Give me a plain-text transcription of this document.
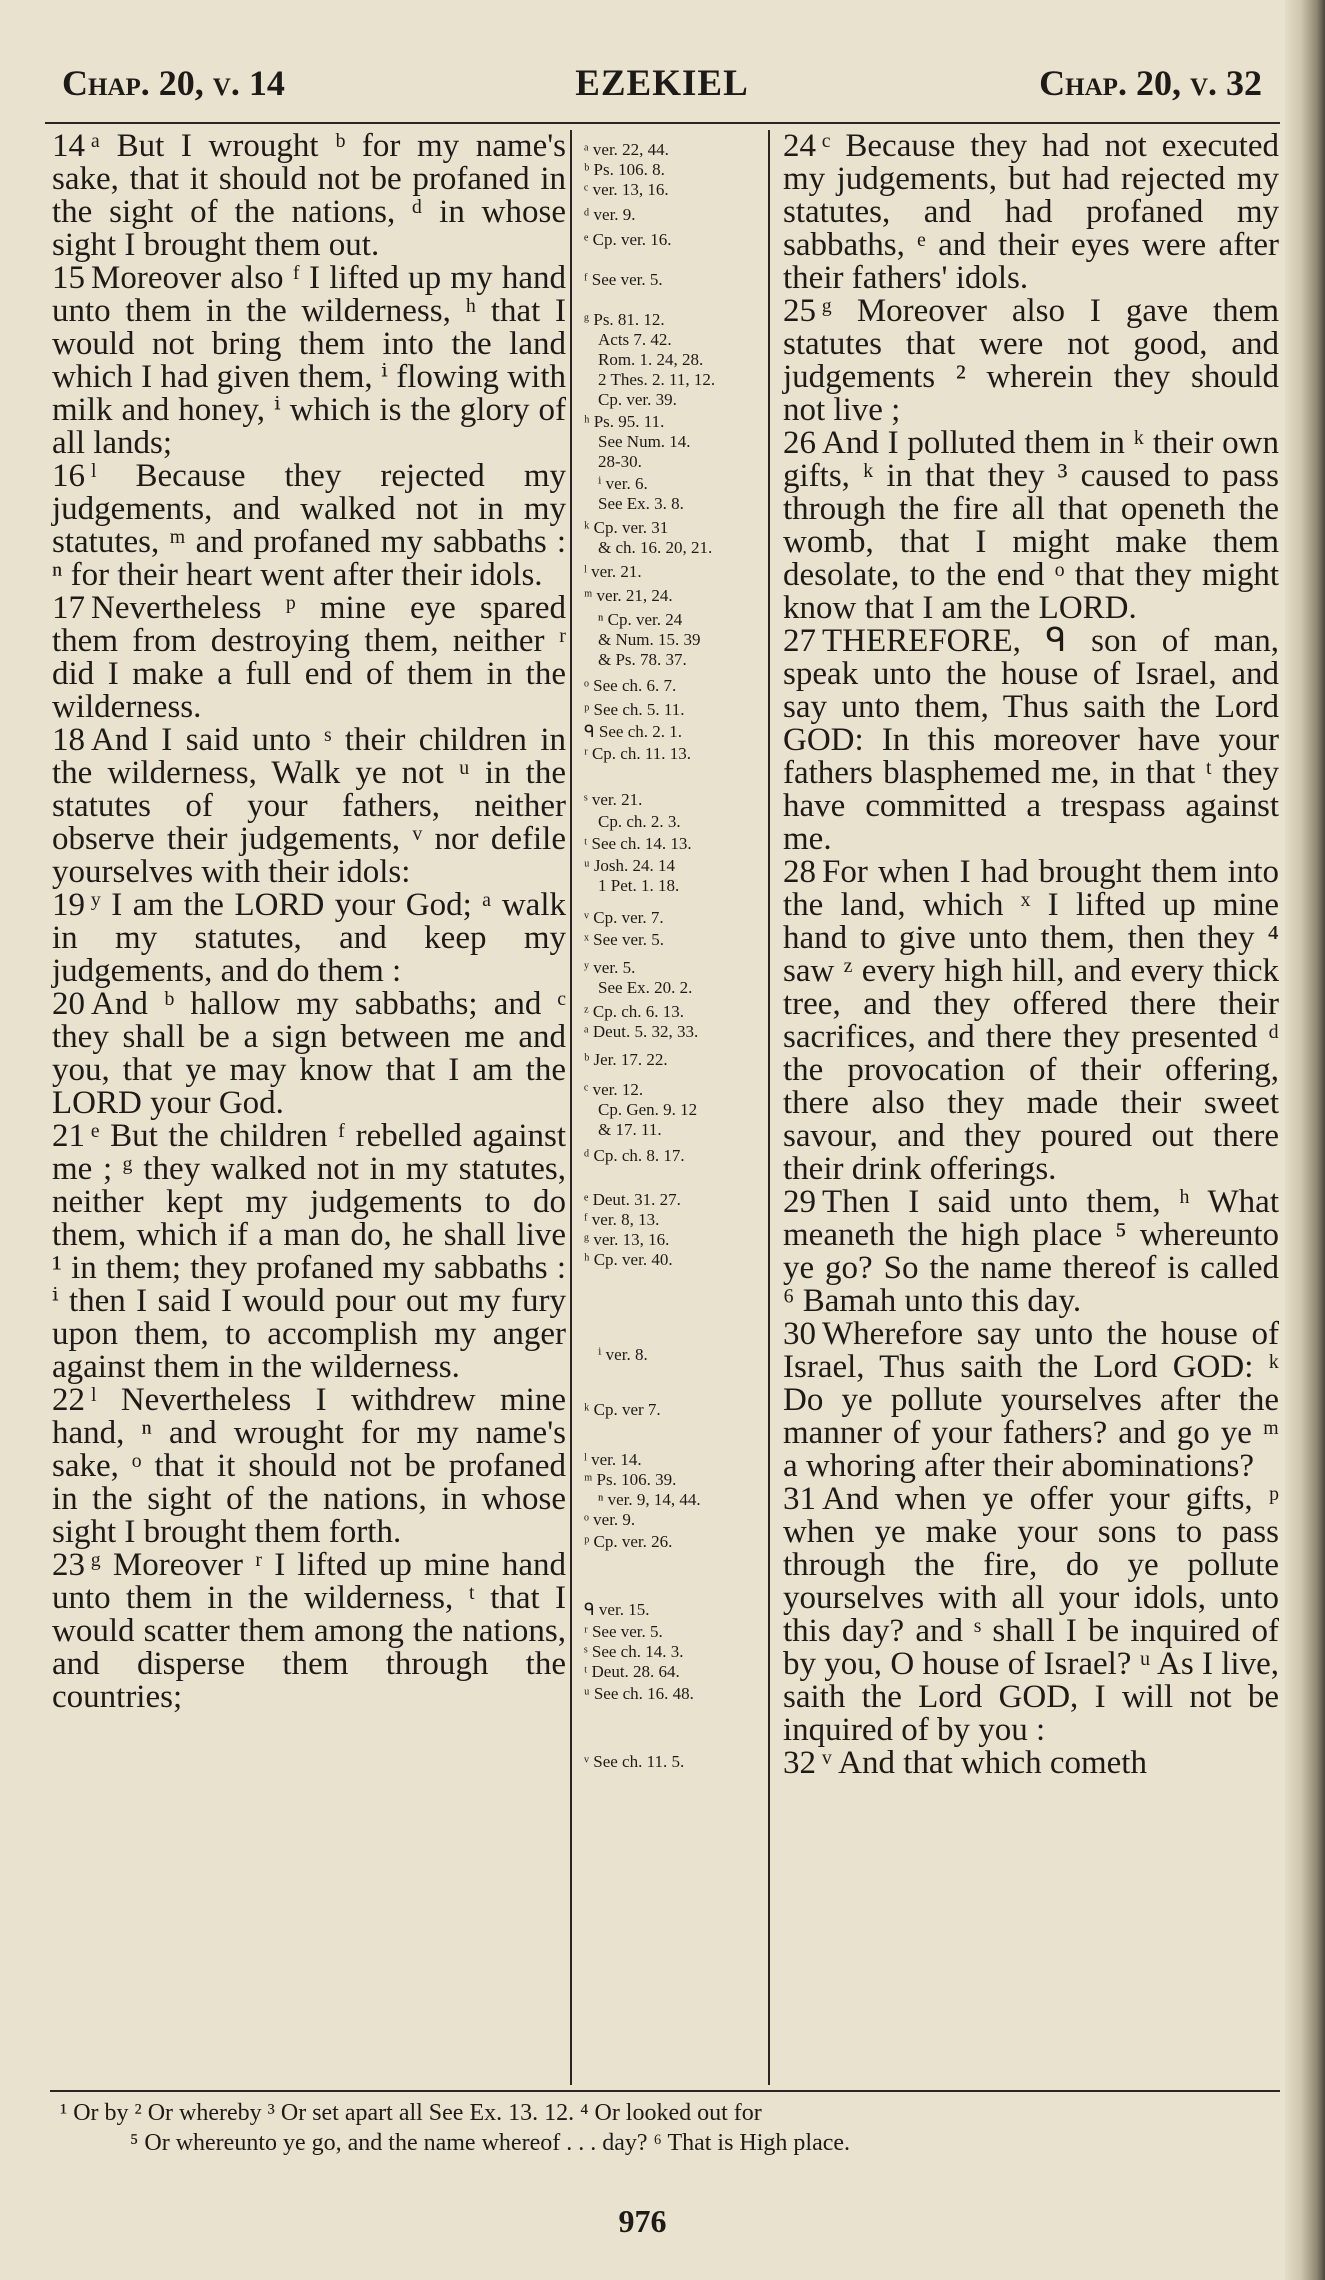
Chap. 20, v. 14	EZEKIEL	Chap. 20, v. 32

14 ᵃ But I wrought ᵇ for my name's sake, that it should not be profaned in the sight of the nations, ᵈ in whose sight I brought them out.

15 Moreover also ᶠ I lifted up my hand unto them in the wilderness, ʰ that I would not bring them into the land which I had given them, ⁱ flowing with milk and honey, ⁱ which is the glory of all lands;

16 ˡ Because they rejected my judgements, and walked not in my statutes, ᵐ and profaned my sabbaths : ⁿ for their heart went after their idols.

17 Nevertheless ᵖ mine eye spared them from destroying them, neither ʳ did I make a full end of them in the wilderness.

18 And I said unto ˢ their children in the wilderness, Walk ye not ᵘ in the statutes of your fathers, neither observe their judgements, ᵛ nor defile yourselves with their idols:

19 ʸ I am the LORD your God; ᵃ walk in my statutes, and keep my judgements, and do them :

20 And ᵇ hallow my sabbaths; and ᶜ they shall be a sign between me and you, that ye may know that I am the LORD your God.

21 ᵉ But the children ᶠ rebelled against me ; ᵍ they walked not in my statutes, neither kept my judgements to do them, which if a man do, he shall live ¹ in them; they profaned my sabbaths : ⁱ then I said I would pour out my fury upon them, to accomplish my anger against them in the wilderness.

22 ˡ Nevertheless I withdrew mine hand, ⁿ and wrought for my name's sake, ᵒ that it should not be profaned in the sight of the nations, in whose sight I brought them forth.

23 ᵍ Moreover ʳ I lifted up mine hand unto them in the wilderness, ᵗ that I would scatter them among the nations, and disperse them through the countries;

ᵃ ver. 22, 44.
ᵇ Ps. 106. 8.
ᶜ ver. 13, 16.
ᵈ ver. 9.
ᵉ Cp. ver. 16.
ᶠ See ver. 5.
ᵍ Ps. 81. 12.
Acts 7. 42.
Rom. 1. 24, 28.
2 Thes. 2. 11, 12.
Cp. ver. 39.
ʰ Ps. 95. 11.
See Num. 14.
28-30.
ⁱ ver. 6.
See Ex. 3. 8.
ᵏ Cp. ver. 31
& ch. 16. 20, 21.
ˡ ver. 21.
ᵐ ver. 21, 24.
ⁿ Cp. ver. 24
& Num. 15. 39
& Ps. 78. 37.
ᵒ See ch. 6. 7.
ᵖ See ch. 5. 11.
ᑫ See ch. 2. 1.
ʳ Cp. ch. 11. 13.
ˢ ver. 21.
Cp. ch. 2. 3.
ᵗ See ch. 14. 13.
ᵘ Josh. 24. 14
1 Pet. 1. 18.
ᵛ Cp. ver. 7.
ˣ See ver. 5.
ʸ ver. 5.
See Ex. 20. 2.
ᶻ Cp. ch. 6. 13.
ᵃ Deut. 5. 32, 33.
ᵇ Jer. 17. 22.
ᶜ ver. 12.
Cp. Gen. 9. 12
& 17. 11.
ᵈ Cp. ch. 8. 17.
ᵉ Deut. 31. 27.
ᶠ ver. 8, 13.
ᵍ ver. 13, 16.
ʰ Cp. ver. 40.
ⁱ ver. 8.
ᵏ Cp. ver 7.
ˡ ver. 14.
ᵐ Ps. 106. 39.
ⁿ ver. 9, 14, 44.
ᵒ ver. 9.
ᵖ Cp. ver. 26.
ᑫ ver. 15.
ʳ See ver. 5.
ˢ See ch. 14. 3.
ᵗ Deut. 28. 64.
ᵘ See ch. 16. 48.
ᵛ See ch. 11. 5.

24 ᶜ Because they had not executed my judgements, but had rejected my statutes, and had profaned my sabbaths, ᵉ and their eyes were after their fathers' idols.

25 ᵍ Moreover also I gave them statutes that were not good, and judgements ² wherein they should not live ;

26 And I polluted them in ᵏ their own gifts, ᵏ in that they ³ caused to pass through the fire all that openeth the womb, that I might make them desolate, to the end ᵒ that they might know that I am the LORD.

27 THEREFORE, ᑫ son of man, speak unto the house of Israel, and say unto them, Thus saith the Lord GOD: In this moreover have your fathers blasphemed me, in that ᵗ they have committed a trespass against me.

28 For when I had brought them into the land, which ˣ I lifted up mine hand to give unto them, then they ⁴ saw ᶻ every high hill, and every thick tree, and they offered there their sacrifices, and there they presented ᵈ the provocation of their offering, there also they made their sweet savour, and they poured out there their drink offerings.

29 Then I said unto them, ʰ What meaneth the high place ⁵ whereunto ye go? So the name thereof is called ⁶ Bamah unto this day.

30 Wherefore say unto the house of Israel, Thus saith the Lord GOD: ᵏ Do ye pollute yourselves after the manner of your fathers? and go ye ᵐ a whoring after their abominations?

31 And when ye offer your gifts, ᵖ when ye make your sons to pass through the fire, do ye pollute yourselves with all your idols, unto this day? and ˢ shall I be inquired of by you, O house of Israel? ᵘ As I live, saith the Lord GOD, I will not be inquired of by you :

32 ᵛ And that which cometh

¹ Or by ² Or whereby ³ Or set apart all See Ex. 13. 12. ⁴ Or looked out for
⁵ Or whereunto ye go, and the name whereof . . . day? ⁶ That is High place.
976
